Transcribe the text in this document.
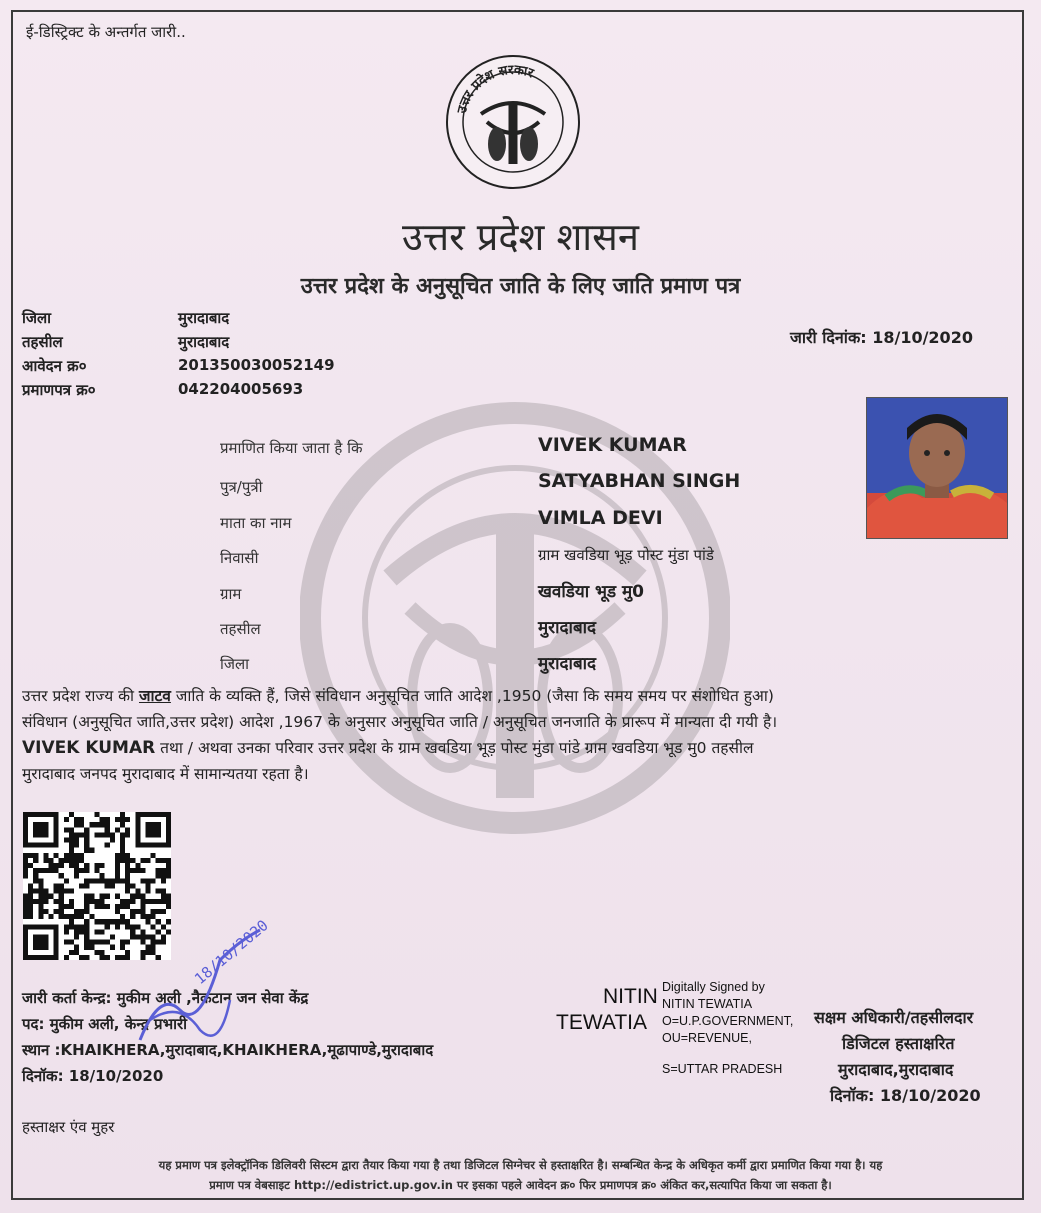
ई-डिस्ट्रिक्ट के अन्तर्गत जारी..
उत्तर प्रदेश सरकार
उत्तर प्रदेश शासन
उत्तर प्रदेश के अनुसूचित जाति के लिए जाति प्रमाण पत्र
जिला	मुरादाबाद
तहसील	मुरादाबाद
आवेदन क्र०	201350030052149
प्रमाणपत्र क्र०	042204005693
जारी दिनांक: 18/10/2020
प्रमाणित किया जाता है कि	VIVEK KUMAR
पुत्र/पुत्री	SATYABHAN SINGH
माता का नाम	VIMLA DEVI
निवासी	ग्राम खवडिया भूड़ पोस्ट मुंडा पांडे
ग्राम	खवडिया भूड मु0
तहसील	मुरादाबाद
जिला	मुरादाबाद
उत्तर प्रदेश राज्य की जाटव जाति के व्यक्ति हैं, जिसे संविधान अनुसूचित जाति आदेश ,1950 (जैसा कि समय समय पर संशोधित हुआ)
संविधान (अनुसूचित जाति,उत्तर प्रदेश) आदेश ,1967 के अनुसार अनुसूचित जाति / अनुसूचित जनजाति के प्रारूप में मान्यता दी गयी है।
VIVEK KUMAR तथा / अथवा उनका परिवार उत्तर प्रदेश के ग्राम खवडिया भूड़ पोस्ट मुंडा पांडे ग्राम खवडिया भूड मु0 तहसील
मुरादाबाद जनपद मुरादाबाद में सामान्यतया रहता है।
जारी कर्ता केन्द्र: मुकीम अली ,नैकटान जन सेवा केंद्र
पद: मुकीम अली, केन्द्र प्रभारी
स्थान :KHAIKHERA,मुरादाबाद,KHAIKHERA,मूढापाण्डे,मुरादाबाद
दिनॉक: 18/10/2020
हस्ताक्षर एंव मुहर
18/10/2020
NITIN
TEWATIA
Digitally Signed by
NITIN TEWATIA
O=U.P.GOVERNMENT,
OU=REVENUE,
S=UTTAR PRADESH
सक्षम अधिकारी/तहसीलदार
डिजिटल हस्ताक्षरित
मुरादाबाद,मुरादाबाद
दिनॉक: 18/10/2020
यह प्रमाण पत्र इलेक्ट्रॉनिक डिलिवरी सिस्टम द्वारा तैयार किया गया है तथा डिजिटल सिग्नेचर से हस्ताक्षरित है। सम्बन्धित केन्द्र के अधिकृत कर्मी द्वारा प्रमाणित किया गया है। यह
प्रमाण पत्र वेबसाइट http://edistrict.up.gov.in पर इसका पहले आवेदन क्र० फिर प्रमाणपत्र क्र० अंकित कर,सत्यापित किया जा सकता है।
